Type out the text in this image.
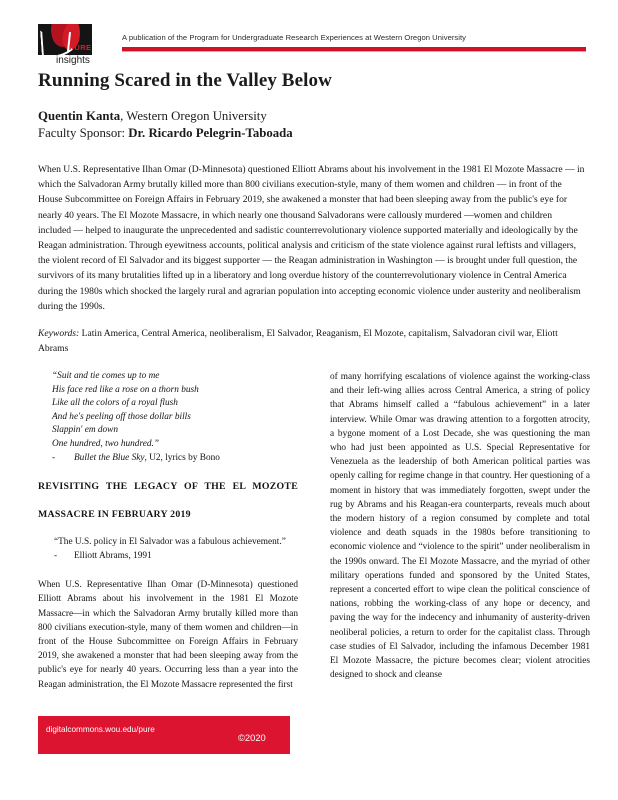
PURE
insights
A publication of the Program for Undergraduate Research Experiences at Western Oregon University
Running Scared in the Valley Below
Quentin Kanta, Western Oregon University
Faculty Sponsor: Dr. Ricardo Pelegrin-Taboada
When U.S. Representative Ilhan Omar (D-Minnesota) questioned Elliott Abrams about his involvement in the 1981 El Mozote Massacre — in which the Salvadoran Army brutally killed more than 800 civilians execution-style, many of them women and children — in front of the House Subcommittee on Foreign Affairs in February 2019, she awakened a monster that had been sleeping away from the public's eye for nearly 40 years. The El Mozote Massacre, in which nearly one thousand Salvadorans were callously murdered —women and children included — helped to inaugurate the unprecedented and sadistic counterrevolutionary violence supported materially and ideologically by the Reagan administration. Through eyewitness accounts, political analysis and criticism of the state violence against rural leftists and villagers, the violent record of El Salvador and its biggest supporter — the Reagan administration in Washington — is brought under full question, the survivors of its many brutalities lifted up in a liberatory and long overdue history of the counterrevolutionary violence in Central America during the 1980s which shocked the largely rural and agrarian population into accepting economic violence under austerity and neoliberalism during the 1990s.
Keywords: Latin America, Central America, neoliberalism, El Salvador, Reaganism, El Mozote, capitalism, Salvadoran civil war, Eliott Abrams
“Suit and tie comes up to me
His face red like a rose on a thorn bush
Like all the colors of a royal flush
And he's peeling off those dollar bills
Slappin' em down
One hundred, two hundred.”
- Bullet the Blue Sky, U2, lyrics by Bono
REVISITING THE LEGACY OF THE EL MOZOTE
MASSACRE IN FEBRUARY 2019
“The U.S. policy in El Salvador was a fabulous achievement.”
- Elliott Abrams, 1991
When U.S. Representative Ilhan Omar (D-Minnesota) questioned Elliott Abrams about his involvement in the 1981 El Mozote Massacre—in which the Salvadoran Army brutally killed more than 800 civilians execution-style, many of them women and children—in front of the House Subcommittee on Foreign Affairs in February 2019, she awakened a monster that had been sleeping away from the public's eye for nearly 40 years. Occurring less than a year into the Reagan administration, the El Mozote Massacre represented the first
of many horrifying escalations of violence against the working-class and their left-wing allies across Central America, a string of policy that Abrams himself called a “fabulous achievement” in a later interview. While Omar was drawing attention to a forgotten atrocity, a bygone moment of a Lost Decade, she was questioning the man who had just been appointed as U.S. Special Representative for Venezuela as the leadership of both American political parties was openly calling for regime change in that country. Her questioning of a moment in history that was immediately forgotten, swept under the rug by Abrams and his Reagan-era counterparts, reveals much about the modern history of a region consumed by complete and total violence and death squads in the 1980s before transitioning to economic violence and “violence to the spirit” under neoliberalism in the 1990s onward. The El Mozote Massacre, and the myriad of other military operations funded and sponsored by the United States, represent a concerted effort to wipe clean the political conscience of nations, robbing the working-class of any hope or decency, and paving the way for the indecency and inhumanity of austerity-driven neoliberal policies, a return to order for the capitalist class. Through case studies of El Salvador, including the infamous December 1981 El Mozote Massacre, the picture becomes clear; violent atrocities designed to shock and cleanse
digitalcommons.wou.edu/pure
©2020
